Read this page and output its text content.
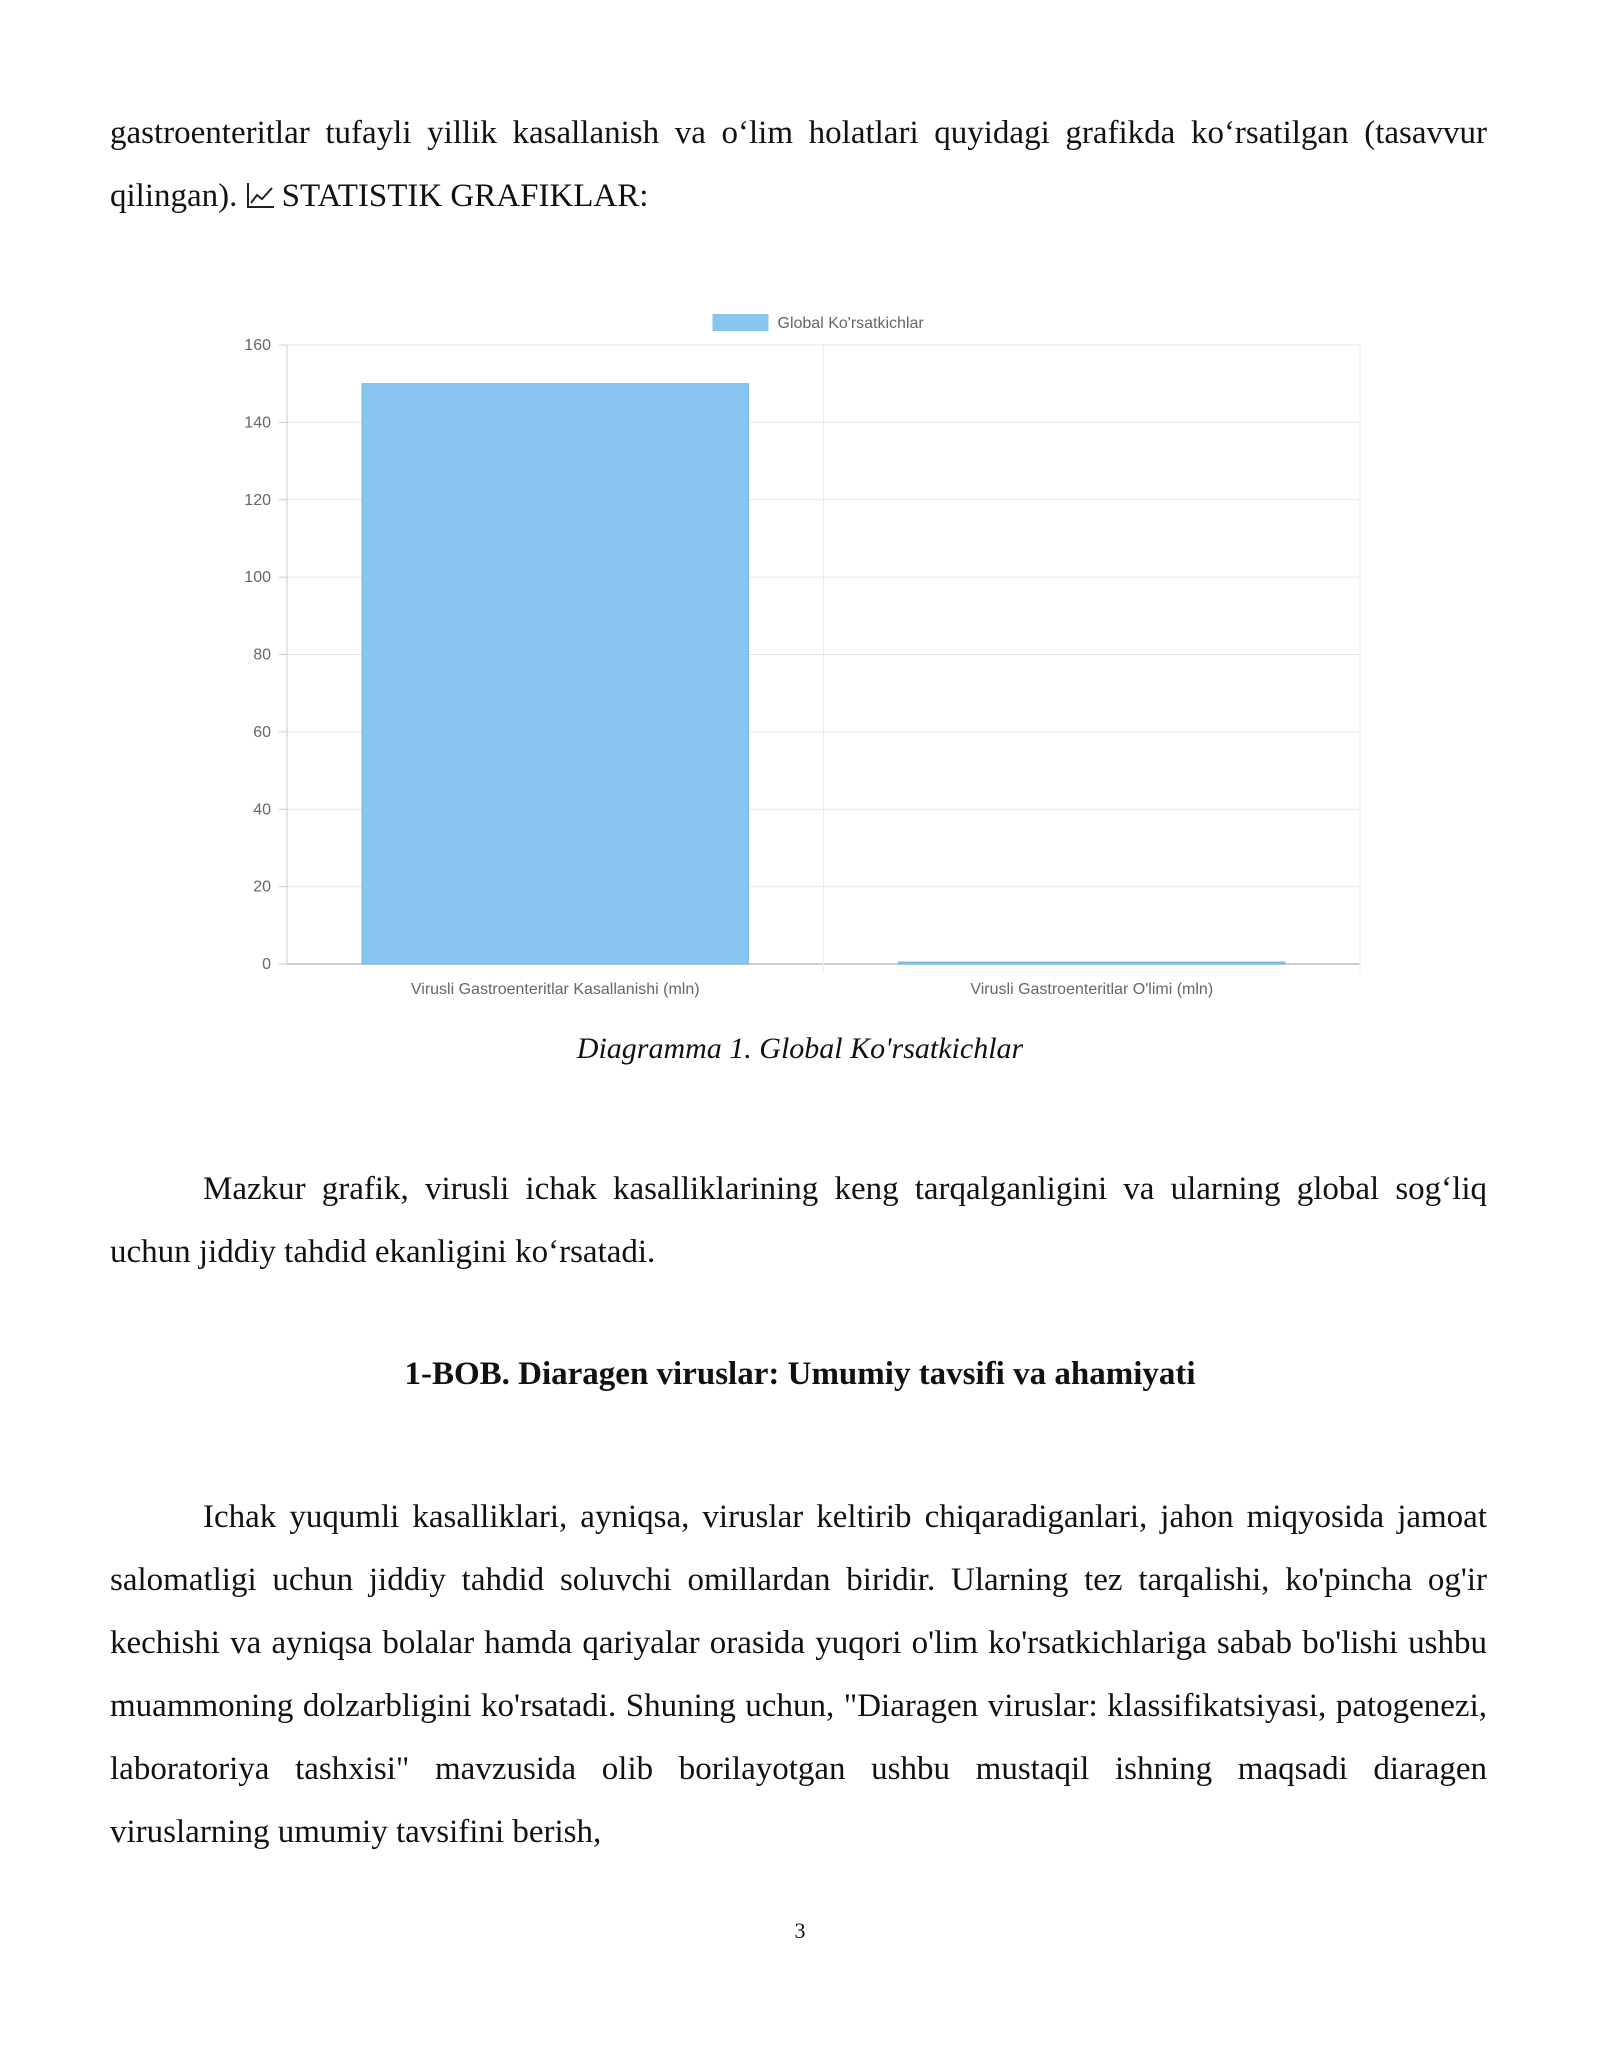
gastroenteritlar tufayli yillik kasallanish va o‘lim holatlari quyidagi grafikda ko‘rsatilgan (tasavvur qilingan). STATISTIK GRAFIKLAR:

0
20
40
60
80
100
120
140
160
Virusli Gastroenteritlar Kasallanishi (mln)	Virusli Gastroenteritlar O'limi (mln)
Global Ko'rsatkichlar

Diagramma 1. Global Ko'rsatkichlar

Mazkur grafik, virusli ichak kasalliklarining keng tarqalganligini va ularning global sog‘liq uchun jiddiy tahdid ekanligini ko‘rsatadi.

1-BOB. Diaragen viruslar: Umumiy tavsifi va ahamiyati

Ichak yuqumli kasalliklari, ayniqsa, viruslar keltirib chiqaradiganlari, jahon miqyosida jamoat salomatligi uchun jiddiy tahdid soluvchi omillardan biridir. Ularning tez tarqalishi, ko'pincha og'ir kechishi va ayniqsa bolalar hamda qariyalar orasida yuqori o'lim ko'rsatkichlariga sabab bo'lishi ushbu muammoning dolzarbligini ko'rsatadi. Shuning uchun, "Diaragen viruslar: klassifikatsiyasi, patogenezi, laboratoriya tashxisi" mavzusida olib borilayotgan ushbu mustaqil ishning maqsadi diaragen viruslarning umumiy tavsifini berish,

3
